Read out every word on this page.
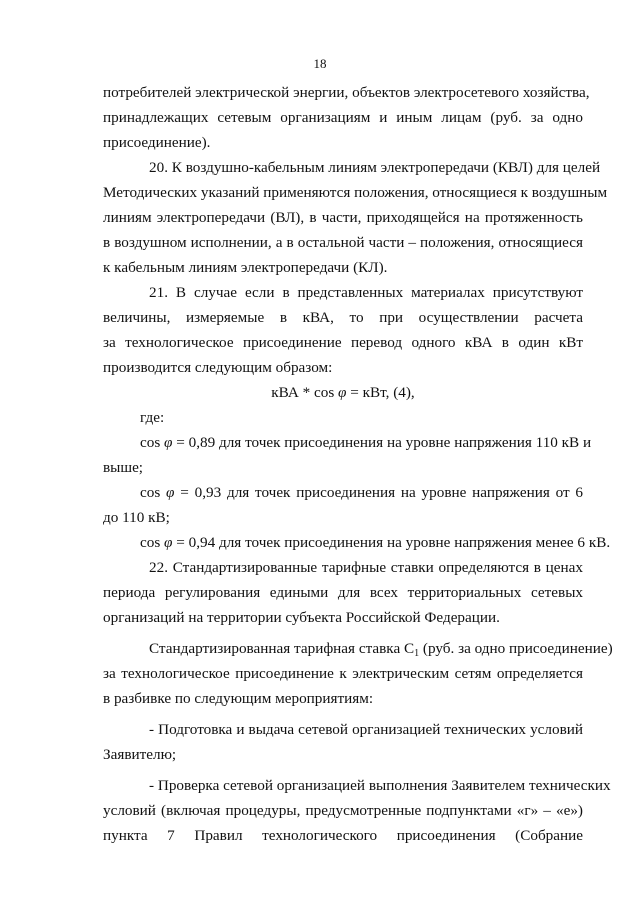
18
потребителей электрической энергии, объектов электросетевого хозяйства,
принадлежащих сетевым организациям и иным лицам (руб. за одно
присоединение).
20. К воздушно-кабельным линиям электропередачи (КВЛ) для целей
Методических указаний применяются положения, относящиеся к воздушным
линиям электропередачи (ВЛ), в части, приходящейся на протяженность
в воздушном исполнении, а в остальной части – положения, относящиеся
к кабельным линиям электропередачи (КЛ).
21. В случае если в представленных материалах присутствуют
величины, измеряемые в кВА, то при осуществлении расчета
за технологическое присоединение перевод одного кВА в один кВт
производится следующим образом:
кВА * cos φ = кВт, (4),
где:
cos φ = 0,89 для точек присоединения на уровне напряжения 110 кВ и
выше;
cos φ = 0,93 для точек присоединения на уровне напряжения от 6
до 110 кВ;
cos φ = 0,94 для точек присоединения на уровне напряжения менее 6 кВ.
22. Стандартизированные тарифные ставки определяются в ценах
периода регулирования едиными для всех территориальных сетевых
организаций на территории субъекта Российской Федерации.
Стандартизированная тарифная ставка $C_1$ (руб. за одно присоединение)
за технологическое присоединение к электрическим сетям определяется
в разбивке по следующим мероприятиям:
- Подготовка и выдача сетевой организацией технических условий
Заявителю;
- Проверка сетевой организацией выполнения Заявителем технических
условий (включая процедуры, предусмотренные подпунктами «г» – «е»)
пункта 7 Правил технологического присоединения (Собрание
